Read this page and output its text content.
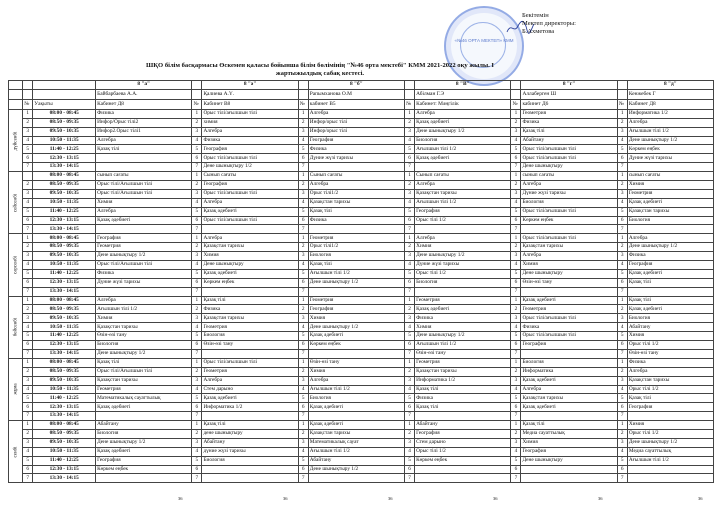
«№46 ОРТА МЕКТЕП» КММ
Бекітемін
Мектеп директоры:
Б.Ахметова
ШҚО білім басқармасы Өскемен қаласы бойынша білім бөлімінің "№46 орта мектебі" КММ 2021-2022 оқу жылы. I жартыжылдық сабақ кестесі.
			8 "а"		8 "ә"		8 "б"		8 "В"		8 "г"		8 "д"
			Байбарбаева А.А.		Қалиева А.Ү.		Рапымханова О.М		Абілман Г.Э		Аллаберген Ш		Кенжебек Г
	№	Уақыты	Кабинет Д8	№	Кабинет В8	№	кабинет В5	№	Кабинет: Мәңгілік	№	кабинет Д6	№	Кабинет Д8

дүйсенбі	1	08:00 - 08:45	Физика	1	Орыс тілі/ағылшын тілі	1	Алгебра	1	Алгебра	1	Геометрия	1	Информатика 1/2
	2	08:50 - 09:35	Инфор/Орыс тілі2	2	химия	2	Инфор/орыс тілі	2	Қазақ әдебиеті	2	Физика	2	Алгебра
	3	09:50 - 10:35	Инфор2.Орыс тілі1	3	Алгебра	3	Инфор/орыс тілі	3	Дене шынықтыру 1/2	3	Қазақ тілі	3	Ағылшын тілі 1/2
	4	10:50 - 11:35	Алгебра	4	Физика	4	География	4	Биология	4	Абайтану	4	Дене шынықтыру 1/2
	5	11:40 - 12:25	Қазақ тілі	5	География	5	Физика	5	Ағылшын тілі 1/2	5	Орыс тілі/ағылшын тілі	5	Көркем еңбек
	6	12:30 - 13:15		6	Орыс тілі/ағылшын тілі	6	Дүние жүзі тарихы	6	Қазақ әдебиеті	6	Орыс тілі/ағылшын тілі	6	Дүние жүзі тарихы
	7	13:30 - 14:15		7	Дене шынықтыру 1/2	7		7		7	Дене шынықтыру	7	

сейсенбі		08:00 - 08:45	сынып сағаты	1	Сынып сағаты	1	Сынып сағаты	1	Сынып сағаты	1	сынып сағаты	1	сынып сағаты
	2	08:50 - 09:35	Орыс тілі/Ағылшын тілі	2	География	2	Алгебра	2	Алгебра	2	Алгебра	2	Химия
	3	09:50 - 10:35	Орыс тілі/Ағылшын тілі	3	Орыс тілі/ағылшын тілі	3	Орыс тілі1/2	3	Қазақстан тарихы	3	Дүние жүзі тарихы	3	Геометрия
	4	10:50 - 11:35	Химия	4	Алгебра	4	Қазақстан тарихы	4	Ағылшын тілі 1/2	4	Биология	4	Қазақ әдебиеті
	5	11:40 - 12:25	Алгебра	5	Қазақ әдебиеті	5	Қазақ тілі	5	География	5	Орыс тілі/ағылшын тілі	5	Қазақстан тарихы
	6	12:30 - 13:15	Қазақ әдебиеті	6	Орыс тілі/ағылшын тілі	6	Физика	6	Орыс тілі 1/2	6	Көркем еңбек	6	Биология
	7	13:30 - 14:15		7		7		7		7		7	

сәрсенбі	1	08:00 - 08:45	География	1	Алгебра	1	Геометрия	1	Алгебра	1	Орыс тілі/ағылшын тілі	1	Алгебра
	2	08:50 - 09:35	Геометрия	2	Қазақстан тарихы	2	Орыс тілі1/2	2	Химия	2	Қазақстан тарихы	2	Дене шынықтыру 1/2
	3	09:50 - 10:35	Дене шынықтыру 1/2	3	Химия	3	Биология	3	Дене шынықтыру 1/2	3	Алгебра	3	Физика
	4	10:50 - 11:35	Орыс тілі/Ағылшын тілі	4	Дене шынықтыру	4	Қазақ тілі	4	Дүние жүзі тарихы	4	Химия	4	География
	5	11:40 - 12:25	Физика	5	Қазақ әдебиеті	5	Ағылшын тілі 1/2	5	Орыс тілі 1/2	5	Дене шынықтыру	5	Қазақ әдебиеті
	6	12:30 - 13:15	Дүние жүзі тарихы	6	Көркем еңбек	6	Дене шынықтыру 1/2	6	Биология	6	Өзін-өзі тану	6	Қазақ тілі
	7	13:30 - 14:15		7		7		7		7		7	

бейсенбі	1	08:00 - 08:45	Алгебра	1	Қазақ тілі	1	Геометрия	1	Геометрия	1	Қазақ әдебиеті	1	Қазақ тілі
	2	08:50 - 09:35	Ағылшын тілі 1/2	2	Физика	2	География	2	Қазақ әдебиеті	2	Геометрия	2	Қазақ әдебиеті
	3	09:50 - 10:35	Химия	3	Қазақстан тарихы	3	Химия	3	Физика	3	Орыс тілі/ағылшын тілі	3	Биология
	4	10:50 - 11:35	Қазақстан тарихы	4	Геометрия	4	Дене шынықтыру 1/2	4	Химия	4	Физика	4	Абайтану
	5	11:40 - 12:25	Өзін-өзі тану	5	Биология	5	Қазақ әдебиеті	5	Дене шынықтыру 1/2	5	Орыс тілі/ағылшын тілі	5	Химия
	6	12:30 - 13:15	Биология	6	Өзін-өзі тану	6	Көркем еңбек	6	Ағылшын тілі 1/2	6	География	6	Орыс тілі 1/2
	7	13:30 - 14:15	Дене шынықтыру 1/2	7		7		7	Өзін-өзі тану	7		7	Өзін-өзі тану

жұма	1	08:00 - 08:45	Қазақ тілі	1	Орыс тілі/ағылшын тілі	1	Өзін-өзі тану	1	Геометрия	1	Биология	1	Физика
	2	08:50 - 09:35	Орыс тілі/Ағылшын тілі	2	Геометрия	2	Химия	2	Қазақстан тарихы	2	Информатика	2	Алгебра
	3	09:50 - 10:35	Қазақстан тарихы	3	Алгебра	3	Алгебра	3	Информатика 1/2	3	Қазақ әдебиеті	3	Қазақстан тарихы
	4	10:50 - 11:35	Геометрия	4	Стем дарыно	4	Ағылшын тілі 1/2	4	Қазақ тілі	4	Алгебра	4	Орыс тілі 1/2
	5	11:40 - 12:25	Математикалық сауаттылық	5	Қазақ әдебиеті	5	Биология	5	Физика	5	Қазақстан тарихы	5	Қазақ тілі
	6	12:30 - 13:15	Қазақ әдебиеті	6	Информатика 1/2	6	Қазақ әдебиеті	6	Қазақ тілі	6	Қазақ әдебиеті	6	География
	7	13:30 - 14:15		7		7		7		7		7	

сенбі	1	08:00 - 08:45	Абайтану	1	Қазақ тілі	1	Қазақ әдебиеті	1	Абайтану	1	Қазақ тілі	1	Химия
	2	08:50 - 09:35	Биология	2	дене шынықтыру	2	Қазақстан тарихы	2	География	2	Медиа сауаттылық	2	Орыс тілі 1/2
	3	09:50 - 10:35	Дене шынықтыру 1/2	3	Абайтану	3	Математикалық сауат	3	Стем дарыно	3	Химия	3	Дене шынықтыру 1/2
	4	10:50 - 11:35	Қазақ әдебиеті	4	дүние жүзі тарихы	4	Ағылшын тілі 1/2	4	Орыс тілі 1/2	4	География	4	Медиа сауаттылық
	5	11:40 - 12:25	География	5	Биология	5	Абайтану	5	Көркем еңбек	5	Дене шынықтыру	5	Ағылшын тілі 1/2
	6	12:30 - 13:15	Көркем еңбек	6		6	Дене шынықтыру 1/2	6		6		6	
	7	13:30 - 14:15		7		7		7		7		7	
36	36	36	36	36	36
